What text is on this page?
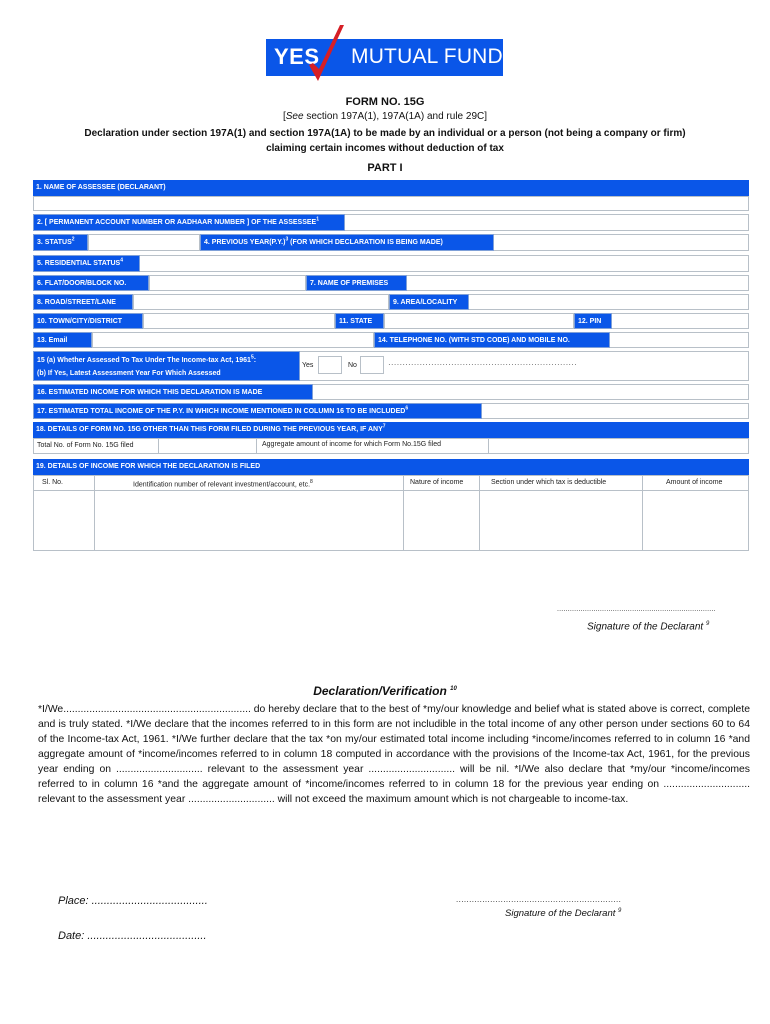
YES MUTUAL FUND
FORM NO. 15G
[See section 197A(1), 197A(1A) and rule 29C]
Declaration under section 197A(1) and section 197A(1A) to be made by an individual or a person (not being a company or firm)
claiming certain incomes without deduction of tax
PART I
1. NAME OF ASSESSEE (DECLARANT)
2. [ PERMANENT ACCOUNT NUMBER OR AADHAAR NUMBER ] OF THE ASSESSEE$^1$
3. STATUS$^2$	4. PREVIOUS $YEAR(P.Y.)^3$ (FOR WHICH DECLARATION IS BEING MADE)
5. RESIDENTIAL STATUS$^4$
6. FLAT/DOOR/BLOCK NO.	7. NAME OF PREMISES
8. ROAD/STREET/LANE	9. AREA/LOCALITY
10. TOWN/CITY/DISTRICT	11. STATE	12. PIN
13. Email	14. TELEPHONE NO. (WITH STD CODE) AND MOBILE NO.
15 (a) Whether Assessed To Tax Under The Income-tax Act, 1961$^5$:
(b) If Yes, Latest Assessment Year For Which Assessed
Yes	No	··································································
16. ESTIMATED INCOME FOR WHICH THIS DECLARATION IS MADE
17. ESTIMATED TOTAL INCOME OF THE P.Y. IN WHICH INCOME MENTIONED IN COLUMN 16 TO BE INCLUDED$^6$
18. DETAILS OF FORM NO. 15G OTHER THAN THIS FORM FILED DURING THE PREVIOUS YEAR, IF ANY$^7$
Total No. of Form No. 15G filed	Aggregate amount of income for which Form No.15G filed
19. DETAILS OF INCOME FOR WHICH THE DECLARATION IS FILED
Sl. No.	Identification number of relevant investment/account, etc.$^8$	Nature of income	Section under which tax is deductible	Amount of income
..........................................................................
Signature of the Declarant $^9$
Declaration/Verification $^{10}$
*I/We................................................................. do hereby declare that to the best of *my/our knowledge and belief what is stated above is correct, complete and is truly stated. *I/We declare that the incomes referred to in this form are not includible in the total income of any other person under sections 60 to 64 of the Income-tax Act, 1961. *I/We further declare that the tax *on my/our estimated total income including *income/incomes referred to in column 16 *and aggregate amount of *income/incomes referred to in column 18 computed in accordance with the provisions of the Income-tax Act, 1961, for the previous year ending on .............................. relevant to the assessment year .............................. will be nil. *I/We also declare that *my/our *income/incomes referred to in column 16 *and the aggregate amount of *income/incomes referred to in column 18 for the previous year ending on .............................. relevant to the assessment year .............................. will not exceed the maximum amount which is not chargeable to income-tax.
Place: ......................................	...............................................................
Signature of the Declarant $^9$
Date: .......................................
